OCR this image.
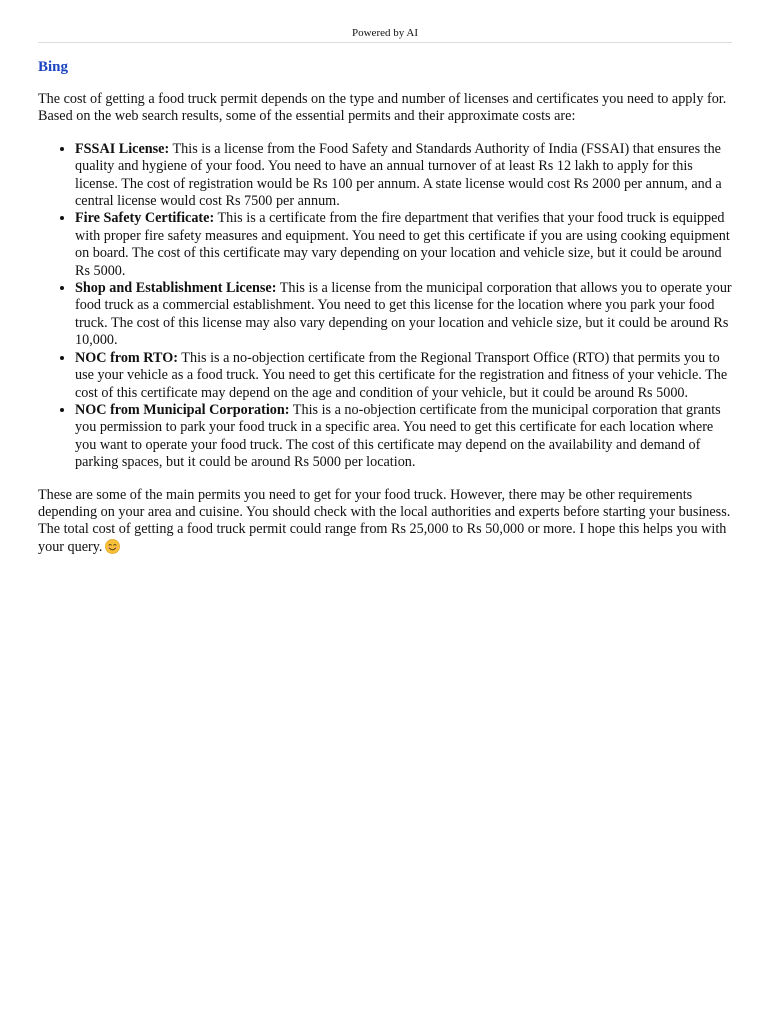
Powered by AI
Bing

The cost of getting a food truck permit depends on the type and number of licenses and certificates you need to apply for. Based on the web search results, some of the essential permits and their approximate costs are:

• FSSAI License: This is a license from the Food Safety and Standards Authority of India (FSSAI) that ensures the quality and hygiene of your food. You need to have an annual turnover of at least Rs 12 lakh to apply for this license. The cost of registration would be Rs 100 per annum. A state license would cost Rs 2000 per annum, and a central license would cost Rs 7500 per annum.
• Fire Safety Certificate: This is a certificate from the fire department that verifies that your food truck is equipped with proper fire safety measures and equipment. You need to get this certificate if you are using cooking equipment on board. The cost of this certificate may vary depending on your location and vehicle size, but it could be around Rs 5000.
• Shop and Establishment License: This is a license from the municipal corporation that allows you to operate your food truck as a commercial establishment. You need to get this license for the location where you park your food truck. The cost of this license may also vary depending on your location and vehicle size, but it could be around Rs 10,000.
• NOC from RTO: This is a no-objection certificate from the Regional Transport Office (RTO) that permits you to use your vehicle as a food truck. You need to get this certificate for the registration and fitness of your vehicle. The cost of this certificate may depend on the age and condition of your vehicle, but it could be around Rs 5000.
• NOC from Municipal Corporation: This is a no-objection certificate from the municipal corporation that grants you permission to park your food truck in a specific area. You need to get this certificate for each location where you want to operate your food truck. The cost of this certificate may depend on the availability and demand of parking spaces, but it could be around Rs 5000 per location.

These are some of the main permits you need to get for your food truck. However, there may be other requirements depending on your area and cuisine. You should check with the local authorities and experts before starting your business. The total cost of getting a food truck permit could range from Rs 25,000 to Rs 50,000 or more. I hope this helps you with your query.
